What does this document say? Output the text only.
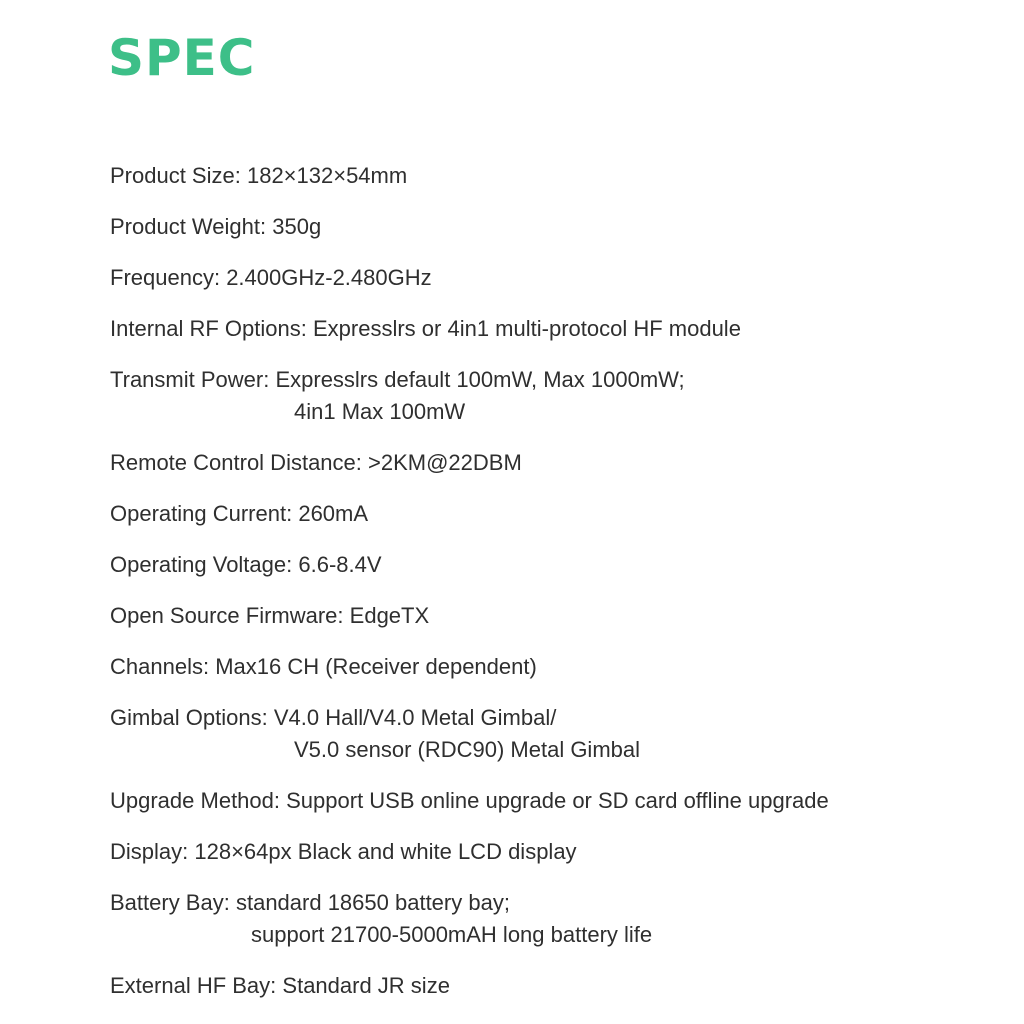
SPEC
Product Size: 182×132×54mm
Product Weight: 350g
Frequency: 2.400GHz-2.480GHz
Internal RF Options: Expresslrs or 4in1 multi-protocol HF module
Transmit Power: Expresslrs default 100mW, Max 1000mW;
4in1 Max 100mW
Remote Control Distance: >2KM@22DBM
Operating Current: 260mA
Operating Voltage: 6.6-8.4V
Open Source Firmware: EdgeTX
Channels: Max16 CH (Receiver dependent)
Gimbal Options: V4.0 Hall/V4.0 Metal Gimbal/
V5.0 sensor (RDC90) Metal Gimbal
Upgrade Method: Support USB online upgrade or SD card offline upgrade
Display: 128×64px Black and white LCD display
Battery Bay: standard 18650 battery bay;
support 21700-5000mAH long battery life
External HF Bay: Standard JR size
